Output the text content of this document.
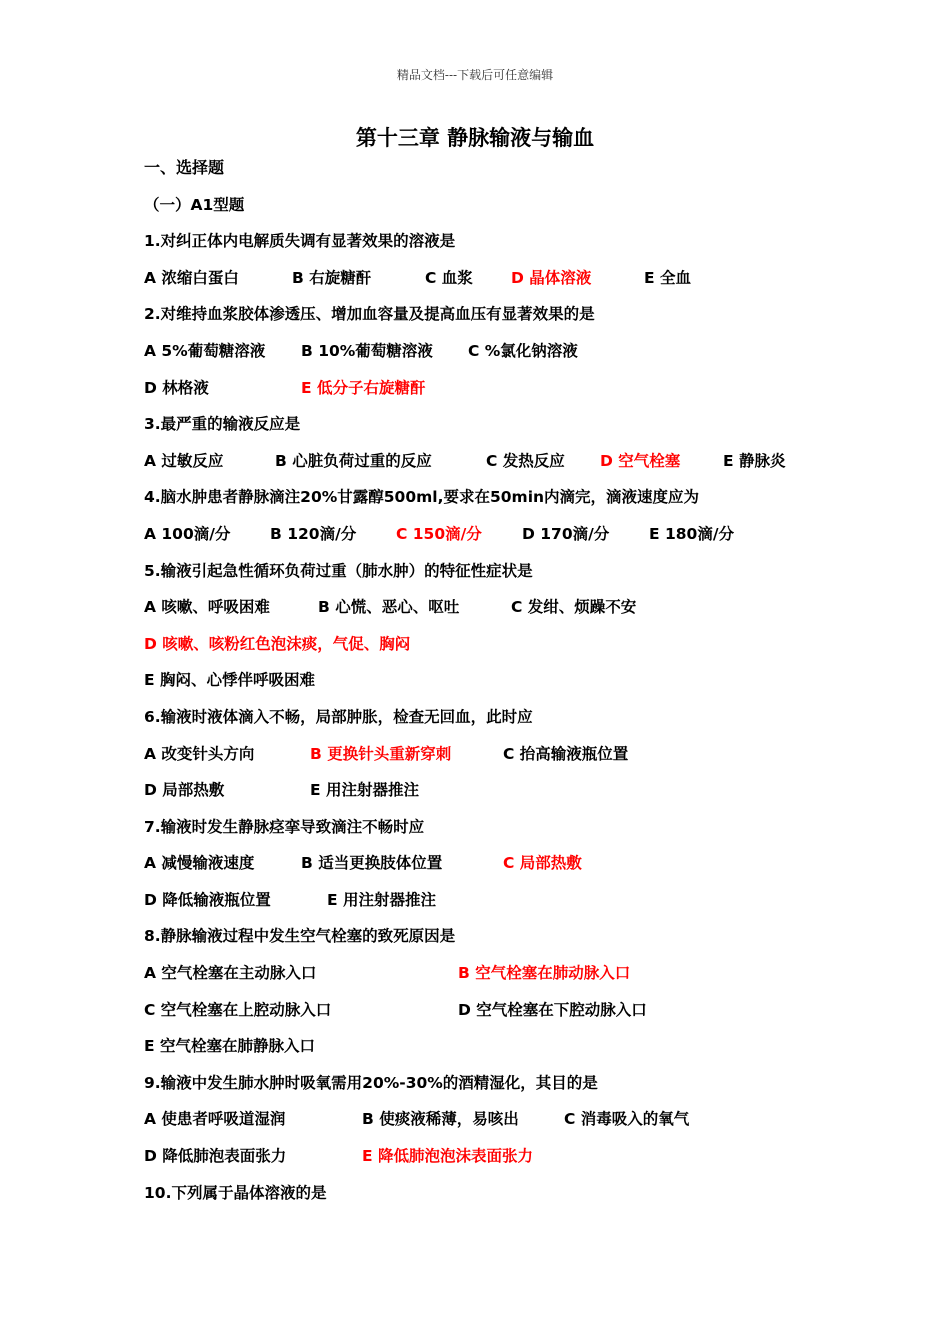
精品文档---下载后可任意编辑
第十三章 静脉输液与输血
一、选择题
（一）A1型题
1.对纠正体内电解质失调有显著效果的溶液是
A 浓缩白蛋白	B 右旋糖酐	C 血浆 D 晶体溶液	E 全血
2.对维持血浆胶体渗透压、增加血容量及提高血压有显著效果的是
A 5%葡萄糖溶液 B 10%葡萄糖溶液 C %氯化钠溶液
D 林格液	E 低分子右旋糖酐
3.最严重的输液反应是
A 过敏反应	B 心脏负荷过重的反应	C 发热反应 D 空气栓塞	E 静脉炎
4.脑水肿患者静脉滴注20%甘露醇500ml,要求在50min内滴完，滴液速度应为
A 100滴/分	B 120滴/分	C 150滴/分	D 170滴/分	E 180滴/分
5.输液引起急性循环负荷过重（肺水肿）的特征性症状是
A 咳嗽、呼吸困难	B 心慌、恶心、呕吐	C 发绀、烦躁不安
D 咳嗽、咳粉红色泡沫痰，气促、胸闷
E 胸闷、心悸伴呼吸困难
6.输液时液体滴入不畅，局部肿胀，检查无回血，此时应
A 改变针头方向	B 更换针头重新穿刺	C 抬高输液瓶位置
D 局部热敷	E 用注射器推注
7.输液时发生静脉痉挛导致滴注不畅时应
A 减慢输液速度	B 适当更换肢体位置	C 局部热敷
D 降低输液瓶位置	E 用注射器推注
8.静脉输液过程中发生空气栓塞的致死原因是
A 空气栓塞在主动脉入口	B 空气栓塞在肺动脉入口
C 空气栓塞在上腔动脉入口	D 空气栓塞在下腔动脉入口
E 空气栓塞在肺静脉入口
9.输液中发生肺水肿时吸氧需用20%-30%的酒精湿化，其目的是
A 使患者呼吸道湿润	B 使痰液稀薄，易咳出	C 消毒吸入的氧气
D 降低肺泡表面张力	E 降低肺泡泡沫表面张力
10.下列属于晶体溶液的是
